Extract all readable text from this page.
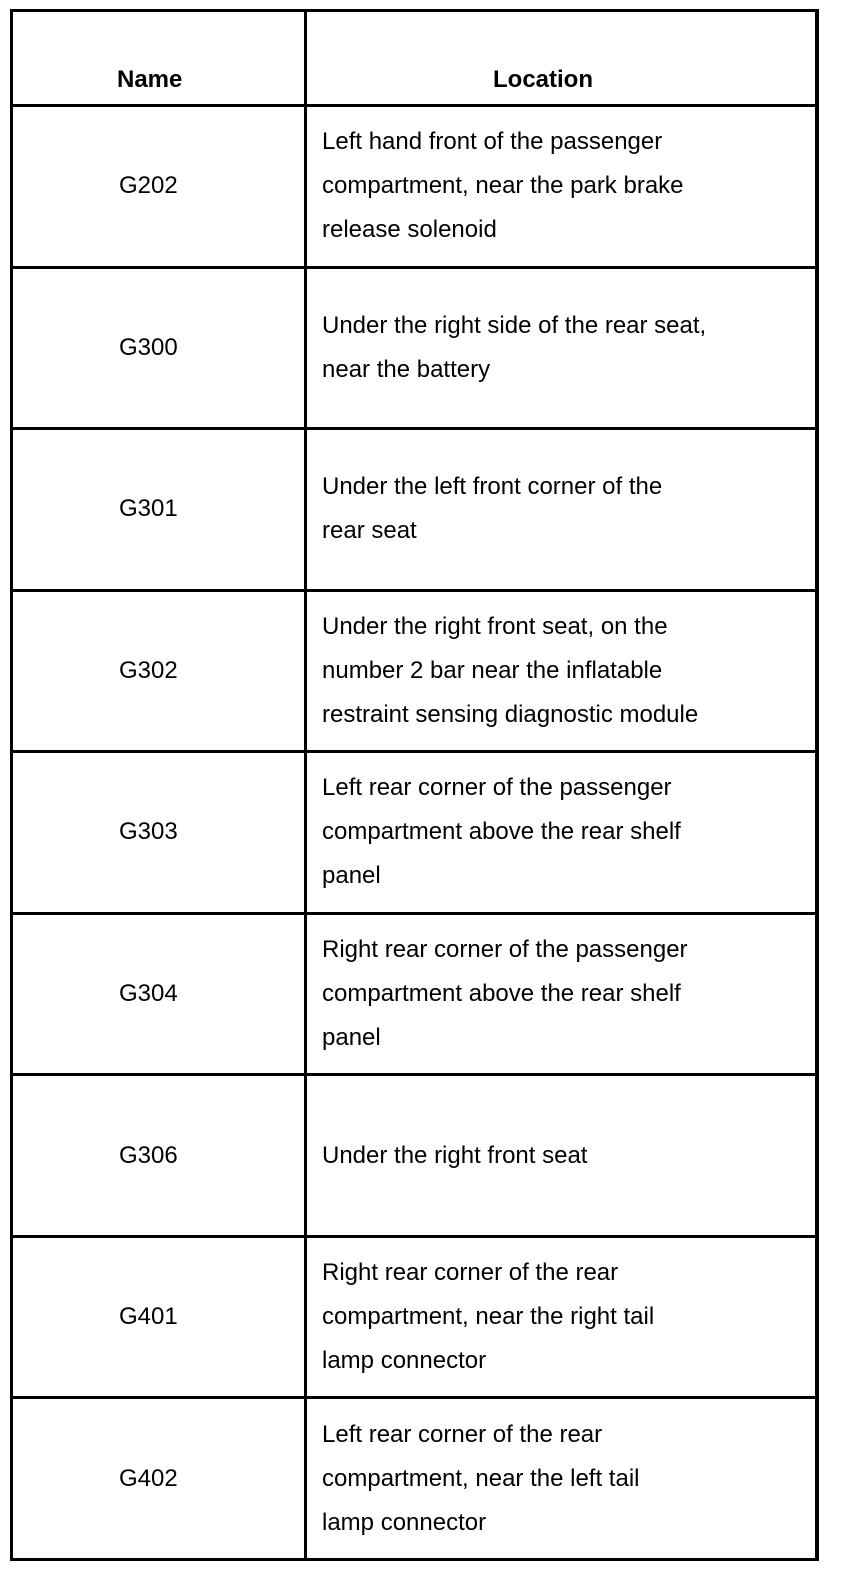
Name	Location
G202	Left hand front of the passenger
compartment, near the park brake
release solenoid

G300	Under the right side of the rear seat,
near the battery

G301	Under the left front corner of the
rear seat

G302	Under the right front seat, on the
number 2 bar near the inflatable
restraint sensing diagnostic module

G303	Left rear corner of the passenger
compartment above the rear shelf
panel

G304	Right rear corner of the passenger
compartment above the rear shelf
panel

G306	Under the right front seat

G401	Right rear corner of the rear
compartment, near the right tail
lamp connector

G402	Left rear corner of the rear
compartment, near the left tail
lamp connector
